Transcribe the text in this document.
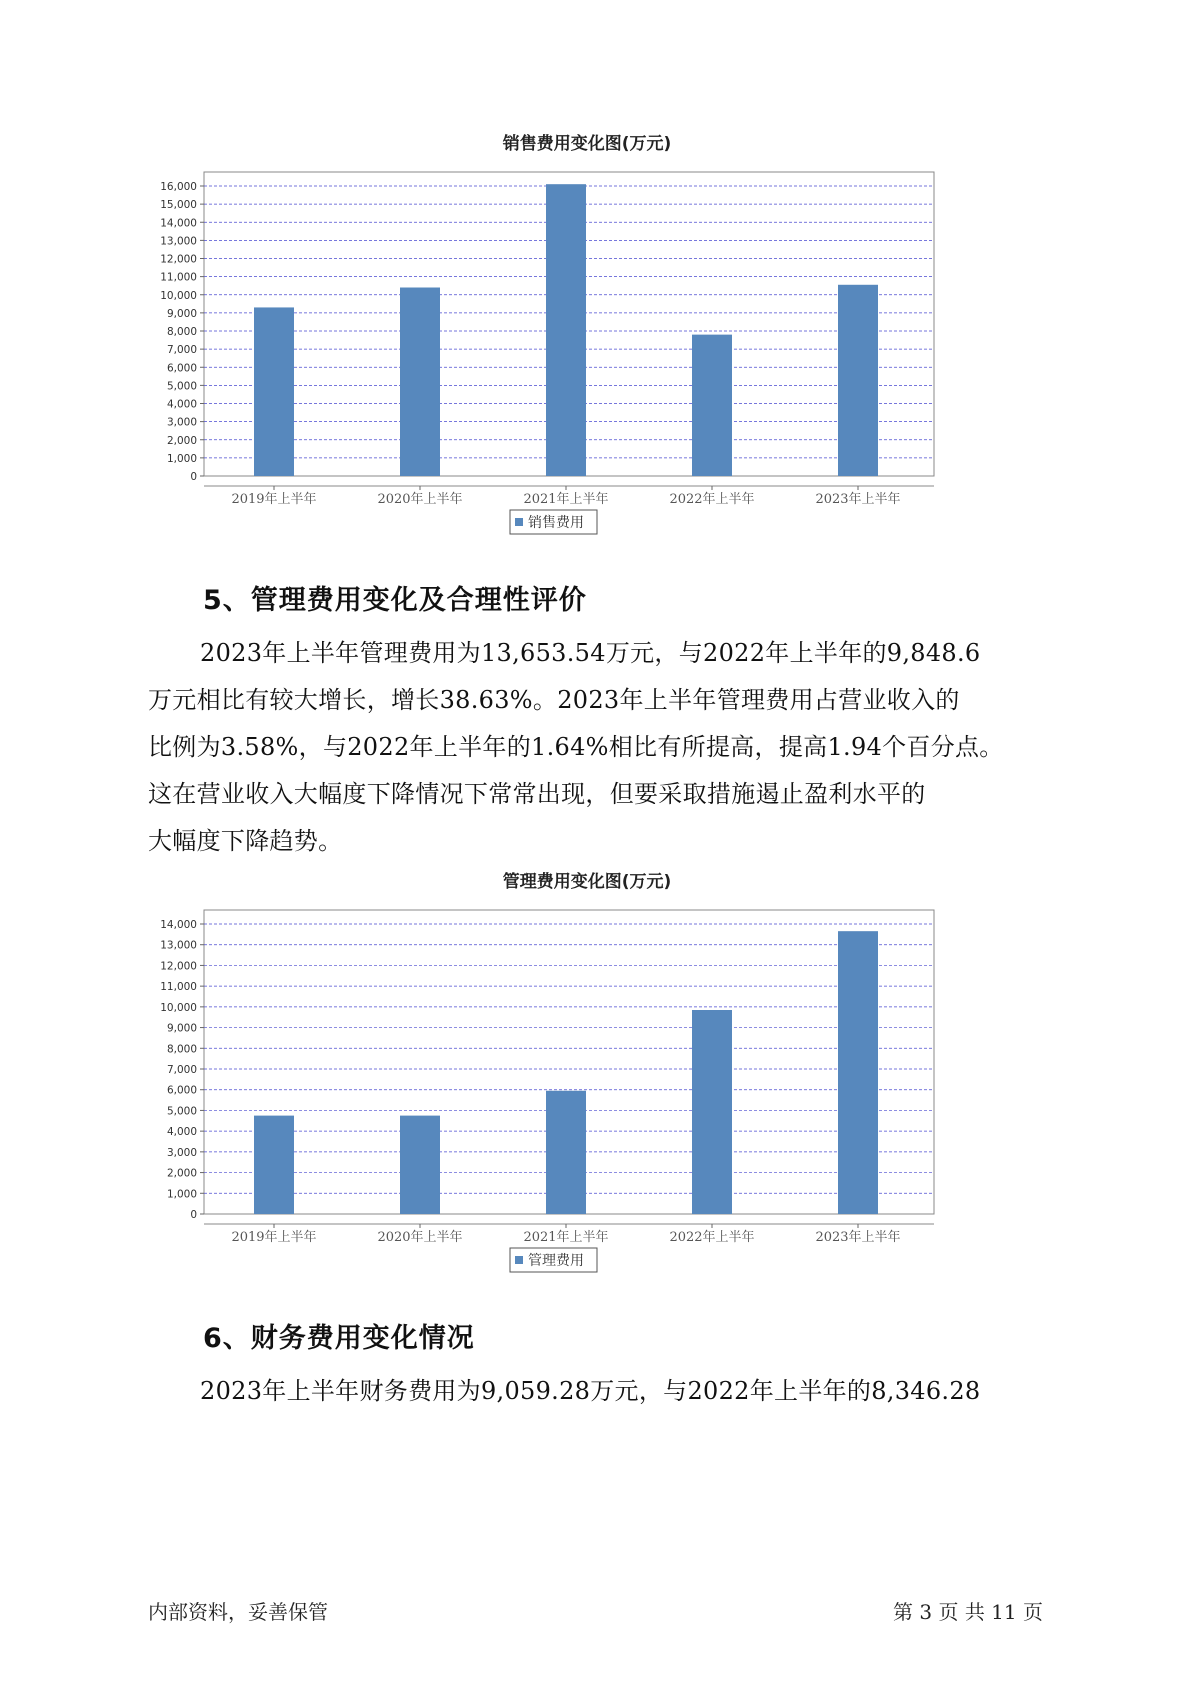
销售费用变化图(万元)
0
1,000
2,000
3,000
4,000
5,000
6,000
7,000
8,000
9,000
10,000
11,000
12,000
13,000
14,000
15,000
16,000
2019年上半年	2020年上半年	2021年上半年	2022年上半年	2023年上半年
销售费用
5、管理费用变化及合理性评价
2023年上半年管理费用为13,653.54万元，与2022年上半年的9,848.6
万元相比有较大增长，增长38.63%。2023年上半年管理费用占营业收入的
比例为3.58%，与2022年上半年的1.64%相比有所提高，提高1.94个百分点。
这在营业收入大幅度下降情况下常常出现，但要采取措施遏止盈利水平的
大幅度下降趋势。
管理费用变化图(万元)
0
1,000
2,000
3,000
4,000
5,000
6,000
7,000
8,000
9,000
10,000
11,000
12,000
13,000
14,000
2019年上半年	2020年上半年	2021年上半年	2022年上半年	2023年上半年
管理费用
6、财务费用变化情况
2023年上半年财务费用为9,059.28万元，与2022年上半年的8,346.28
内部资料，妥善保管	第 3 页 共 11 页
